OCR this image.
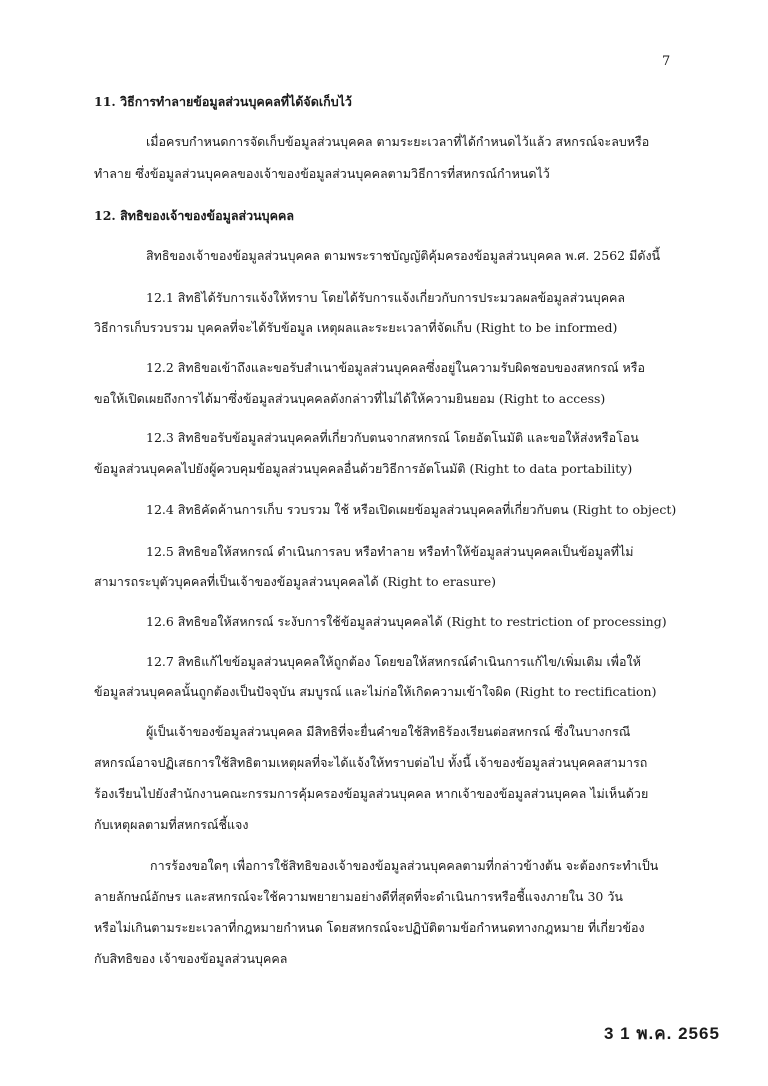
7
11. วิธีการทำลายข้อมูลส่วนบุคคลที่ได้จัดเก็บไว้
เมื่อครบกำหนดการจัดเก็บข้อมูลส่วนบุคคล ตามระยะเวลาที่ได้กำหนดไว้แล้ว สหกรณ์จะลบหรือ
ทำลาย ซึ่งข้อมูลส่วนบุคคลของเจ้าของข้อมูลส่วนบุคคลตามวิธีการที่สหกรณ์กำหนดไว้
12. สิทธิของเจ้าของข้อมูลส่วนบุคคล
สิทธิของเจ้าของข้อมูลส่วนบุคคล ตามพระราชบัญญัติคุ้มครองข้อมูลส่วนบุคคล พ.ศ. 2562 มีดังนี้
12.1 สิทธิได้รับการแจ้งให้ทราบ โดยได้รับการแจ้งเกี่ยวกับการประมวลผลข้อมูลส่วนบุคคล
วิธีการเก็บรวบรวม บุคคลที่จะได้รับข้อมูล เหตุผลและระยะเวลาที่จัดเก็บ (Right to be informed)
12.2 สิทธิขอเข้าถึงและขอรับสำเนาข้อมูลส่วนบุคคลซึ่งอยู่ในความรับผิดชอบของสหกรณ์ หรือ
ขอให้เปิดเผยถึงการได้มาซึ่งข้อมูลส่วนบุคคลดังกล่าวที่ไม่ได้ให้ความยินยอม (Right to access)
12.3 สิทธิขอรับข้อมูลส่วนบุคคลที่เกี่ยวกับตนจากสหกรณ์ โดยอัตโนมัติ และขอให้ส่งหรือโอน
ข้อมูลส่วนบุคคลไปยังผู้ควบคุมข้อมูลส่วนบุคคลอื่นด้วยวิธีการอัตโนมัติ (Right to data portability)
12.4 สิทธิคัดค้านการเก็บ รวบรวม ใช้ หรือเปิดเผยข้อมูลส่วนบุคคลที่เกี่ยวกับตน (Right to object)
12.5 สิทธิขอให้สหกรณ์ ดำเนินการลบ หรือทำลาย หรือทำให้ข้อมูลส่วนบุคคลเป็นข้อมูลที่ไม่
สามารถระบุตัวบุคคลที่เป็นเจ้าของข้อมูลส่วนบุคคลได้ (Right to erasure)
12.6 สิทธิขอให้สหกรณ์ ระงับการใช้ข้อมูลส่วนบุคคลได้ (Right to restriction of processing)
12.7 สิทธิแก้ไขข้อมูลส่วนบุคคลให้ถูกต้อง โดยขอให้สหกรณ์ดำเนินการแก้ไข/เพิ่มเติม เพื่อให้
ข้อมูลส่วนบุคคลนั้นถูกต้องเป็นปัจจุบัน สมบูรณ์ และไม่ก่อให้เกิดความเข้าใจผิด (Right to rectification)
ผู้เป็นเจ้าของข้อมูลส่วนบุคคล มีสิทธิที่จะยื่นคำขอใช้สิทธิร้องเรียนต่อสหกรณ์ ซึ่งในบางกรณี
สหกรณ์อาจปฏิเสธการใช้สิทธิตามเหตุผลที่จะได้แจ้งให้ทราบต่อไป ทั้งนี้ เจ้าของข้อมูลส่วนบุคคลสามารถ
ร้องเรียนไปยังสำนักงานคณะกรรมการคุ้มครองข้อมูลส่วนบุคคล หากเจ้าของข้อมูลส่วนบุคคล ไม่เห็นด้วย
กับเหตุผลตามที่สหกรณ์ชี้แจง
การร้องขอใดๆ เพื่อการใช้สิทธิของเจ้าของข้อมูลส่วนบุคคลตามที่กล่าวข้างต้น จะต้องกระทำเป็น
ลายลักษณ์อักษร และสหกรณ์จะใช้ความพยายามอย่างดีที่สุดที่จะดำเนินการหรือชี้แจงภายใน 30 วัน
หรือไม่เกินตามระยะเวลาที่กฎหมายกำหนด โดยสหกรณ์จะปฏิบัติตามข้อกำหนดทางกฎหมาย ที่เกี่ยวข้อง
กับสิทธิของ เจ้าของข้อมูลส่วนบุคคล
3 1 พ.ค. 2565
